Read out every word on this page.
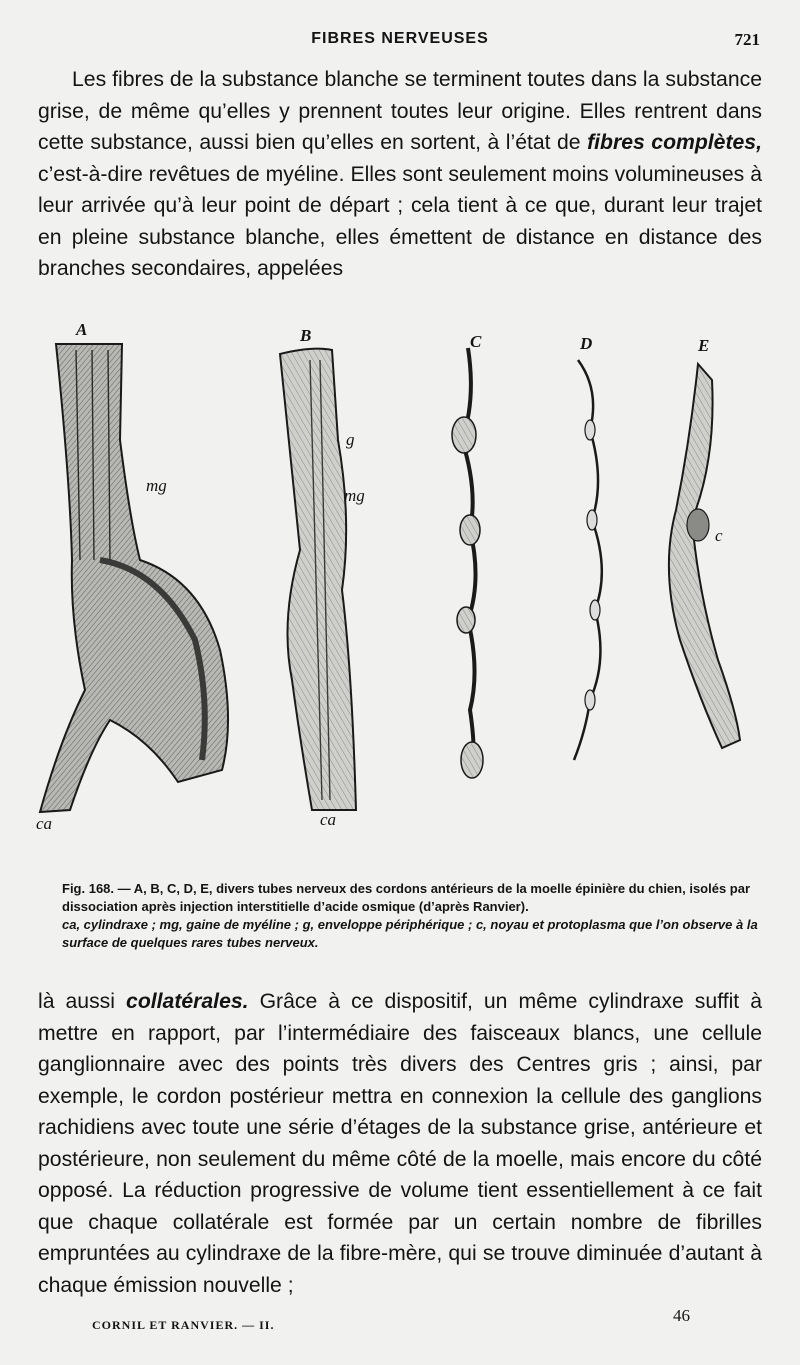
FIBRES NERVEUSES	721

Les fibres de la substance blanche se terminent toutes dans la substance grise, de même qu’elles y prennent toutes leur origine. Elles rentrent dans cette substance, aussi bien qu’elles en sortent, à l’état de fibres complètes, c’est-à-dire revêtues de myéline. Elles sont seulement moins volumineuses à leur arrivée qu’à leur point de départ ; cela tient à ce que, durant leur trajet en pleine substance blanche, elles émettent de distance en distance des branches secondaires, appelées

A	B	C	D	E
mg
g
mg
c
ca	ca

Fig. 168. — A, B, C, D, E, divers tubes nerveux des cordons antérieurs de la moelle épinière du chien, isolés par dissociation après injection interstitielle d’acide osmique (d’après Ranvier).
ca, cylindraxe ; mg, gaine de myéline ; g, enveloppe périphérique ; c, noyau et protoplasma que l’on observe à la surface de quelques rares tubes nerveux.

là aussi collatérales. Grâce à ce dispositif, un même cylindraxe suffit à mettre en rapport, par l’intermédiaire des faisceaux blancs, une cellule ganglionnaire avec des points très divers des Centres gris ; ainsi, par exemple, le cordon postérieur mettra en connexion la cellule des ganglions rachidiens avec toute une série d’étages de la substance grise, antérieure et postérieure, non seulement du même côté de la moelle, mais encore du côté opposé. La réduction progressive de volume tient essentiellement à ce fait que chaque collatérale est formée par un certain nombre de fibrilles empruntées au cylindraxe de la fibre-mère, qui se trouve diminuée d’autant à chaque émission nouvelle ;

CORNIL ET RANVIER. — II.	46
